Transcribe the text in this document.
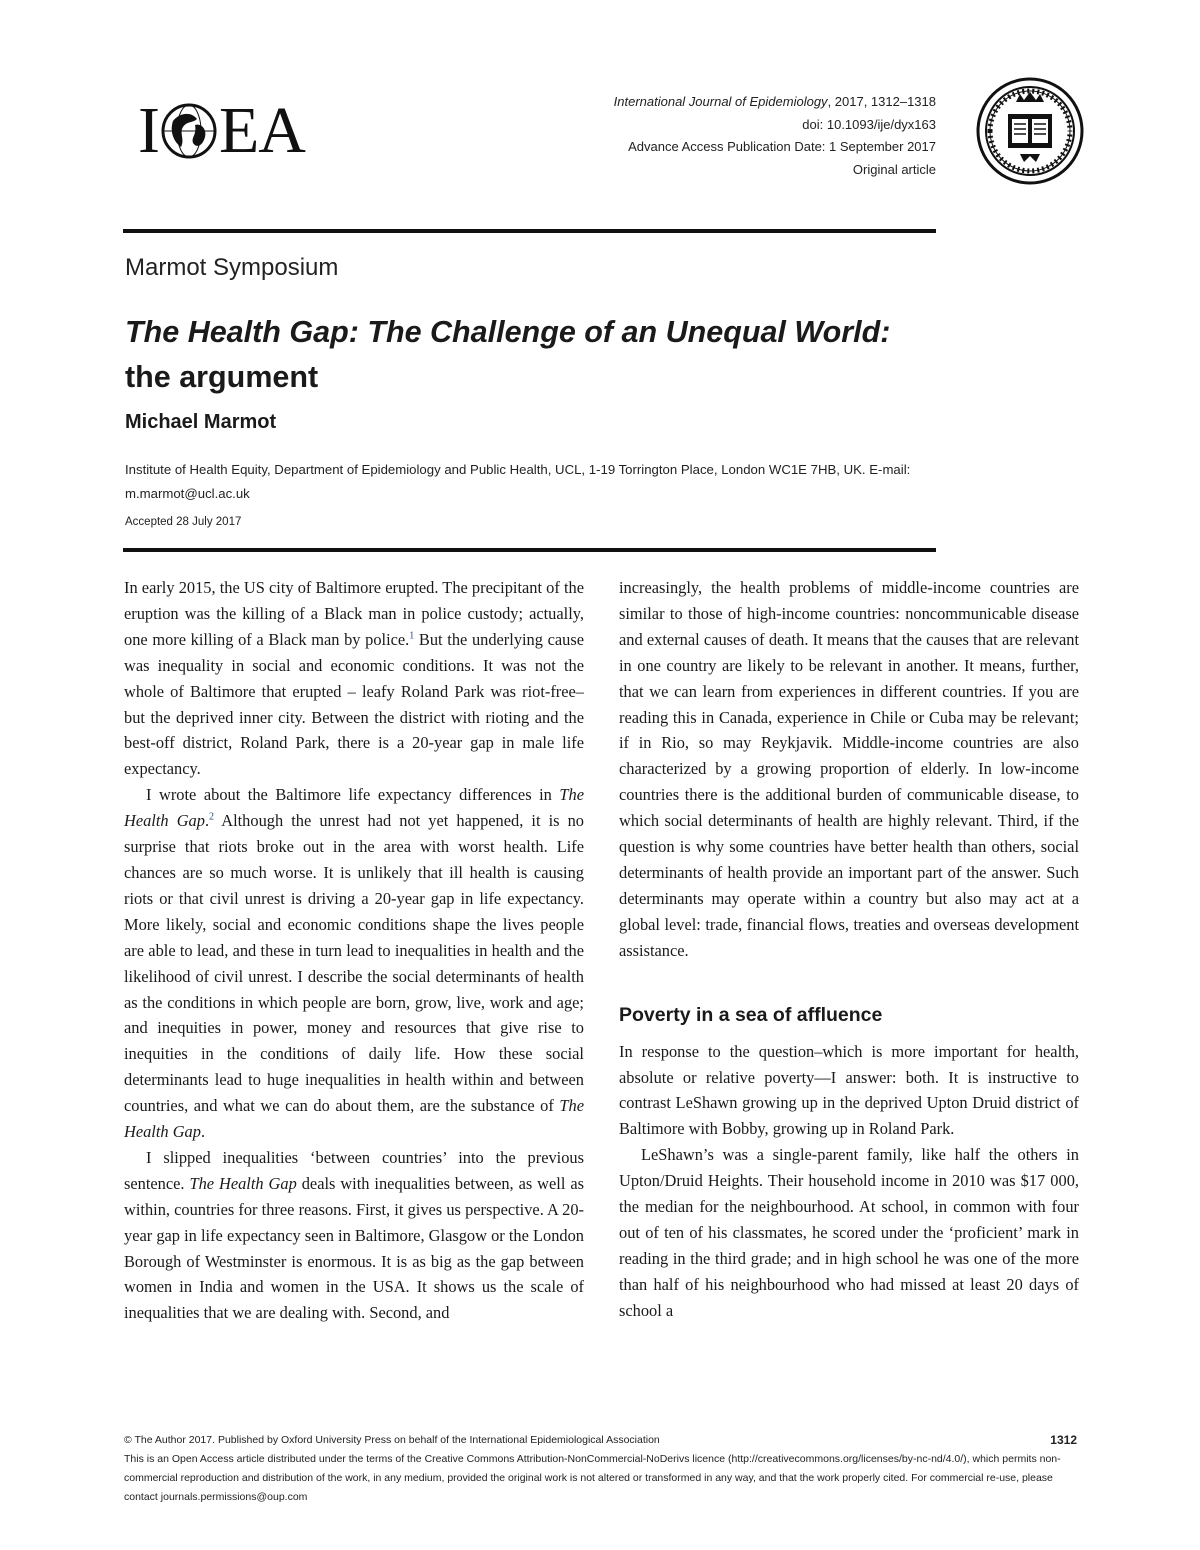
I EA	International Journal of Epidemiology, 2017, 1312–1318
doi: 10.1093/ije/dyx163
Advance Access Publication Date: 1 September 2017
Original article
Marmot Symposium
The Health Gap: The Challenge of an Unequal World: the argument
Michael Marmot
Institute of Health Equity, Department of Epidemiology and Public Health, UCL, 1-19 Torrington Place, London WC1E 7HB, UK. E-mail: m.marmot@ucl.ac.uk
Accepted 28 July 2017

In early 2015, the US city of Baltimore erupted. The precipitant of the eruption was the killing of a Black man in police custody; actually, one more killing of a Black man by police.$^1$ But the underlying cause was inequality in social and economic conditions. It was not the whole of Baltimore that erupted – leafy Roland Park was riot-free– but the deprived inner city. Between the district with rioting and the best-off district, Roland Park, there is a 20-year gap in male life expectancy.

I wrote about the Baltimore life expectancy differences in The Health Gap.$^2$ Although the unrest had not yet happened, it is no surprise that riots broke out in the area with worst health. Life chances are so much worse. It is unlikely that ill health is causing riots or that civil unrest is driving a 20-year gap in life expectancy. More likely, social and economic conditions shape the lives people are able to lead, and these in turn lead to inequalities in health and the likelihood of civil unrest. I describe the social determinants of health as the conditions in which people are born, grow, live, work and age; and inequities in power, money and resources that give rise to inequities in the conditions of daily life. How these social determinants lead to huge inequalities in health within and between countries, and what we can do about them, are the substance of The Health Gap.

I slipped inequalities ‘between countries’ into the previous sentence. The Health Gap deals with inequalities between, as well as within, countries for three reasons. First, it gives us perspective. A 20-year gap in life expectancy seen in Baltimore, Glasgow or the London Borough of Westminster is enormous. It is as big as the gap between women in India and women in the USA. It shows us the scale of inequalities that we are dealing with. Second, and

increasingly, the health problems of middle-income countries are similar to those of high-income countries: noncommunicable disease and external causes of death. It means that the causes that are relevant in one country are likely to be relevant in another. It means, further, that we can learn from experiences in different countries. If you are reading this in Canada, experience in Chile or Cuba may be relevant; if in Rio, so may Reykjavik. Middle-income countries are also characterized by a growing proportion of elderly. In low-income countries there is the additional burden of communicable disease, to which social determinants of health are highly relevant. Third, if the question is why some countries have better health than others, social determinants of health provide an important part of the answer. Such determinants may operate within a country but also may act at a global level: trade, financial flows, treaties and overseas development assistance.

Poverty in a sea of affluence

In response to the question–which is more important for health, absolute or relative poverty—I answer: both. It is instructive to contrast LeShawn growing up in the deprived Upton Druid district of Baltimore with Bobby, growing up in Roland Park.

LeShawn’s was a single-parent family, like half the others in Upton/Druid Heights. Their household income in 2010 was $17 000, the median for the neighbourhood. At school, in common with four out of ten of his classmates, he scored under the ‘proficient’ mark in reading in the third grade; and in high school he was one of the more than half of his neighbourhood who had missed at least 20 days of school a

© The Author 2017. Published by Oxford University Press on behalf of the International Epidemiological Association	1312
This is an Open Access article distributed under the terms of the Creative Commons Attribution-NonCommercial-NoDerivs licence (http://creativecommons.org/licenses/by-nc-nd/4.0/), which permits non-commercial reproduction and distribution of the work, in any medium, provided the original work is not altered or transformed in any way, and that the work properly cited. For commercial re-use, please contact journals.permissions@oup.com
